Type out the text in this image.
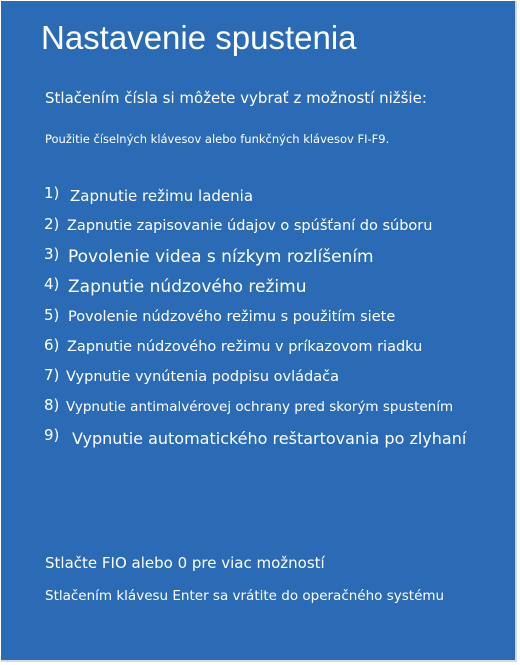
Nastavenie spustenia
Stlačením čísla si môžete vybrať z možností nižšie:
Použitie číselných klávesov alebo funkčných klávesov FI-F9.
1) Zapnutie režimu ladenia
2) Zapnutie zapisovanie údajov o spúšťaní do súboru
3) Povolenie videa s nízkym rozlíšením
4) Zapnutie núdzového režimu
5) Povolenie núdzového režimu s použitím siete
6) Zapnutie núdzového režimu v príkazovom riadku
7) Vypnutie vynútenia podpisu ovládača
8) Vypnutie antimalvérovej ochrany pred skorým spustením
9) Vypnutie automatického reštartovania po zlyhaní
Stlačte FIO alebo 0 pre viac možností
Stlačením klávesu Enter sa vrátite do operačného systému
